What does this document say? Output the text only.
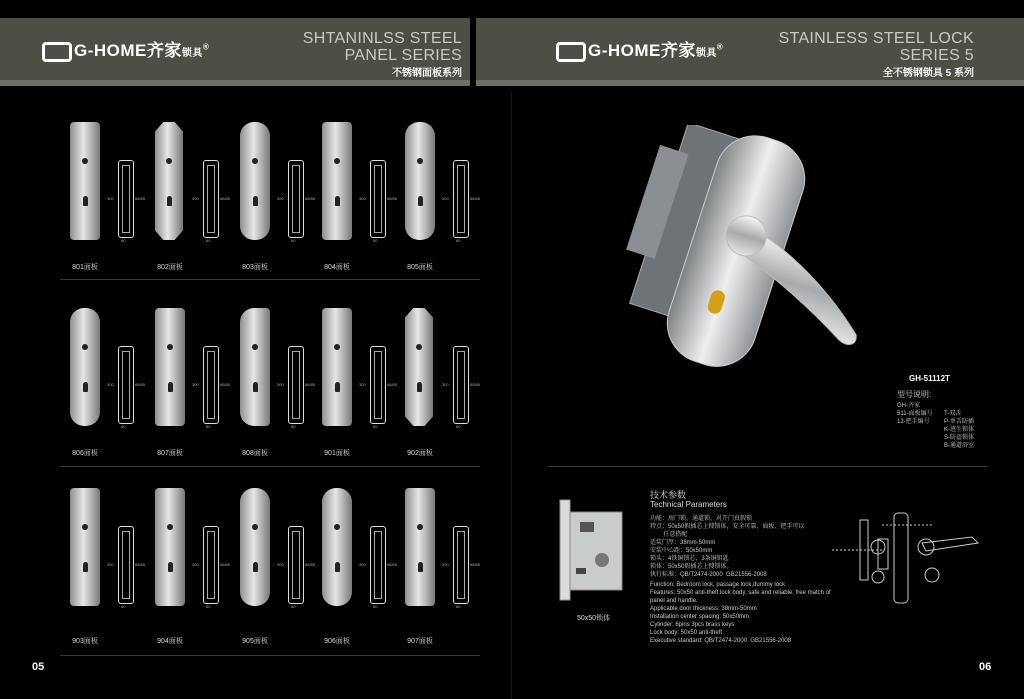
G-HOME齐家锁具®	SHTANINLSS STEEL
PANEL SERIES
不锈钢面板系列
G-HOME齐家锁具®	STAINLESS STEEL LOCK
SERIES 5
全不锈钢锁具 5 系列
300	68/85
60
801面板
300	68/85
60
802面板
300	68/85
60
803面板
300	68/85
60
804面板
300	68/85
60
805面板
300	68/85
60
806面板
300	68/85
60
807面板
300	68/85
60
808面板
300	68/85
60
901面板
300	68/85
60
902面板
300	68/85
60
903面板
300	68/85
60
904面板
300	68/85
60
905面板
300	68/85
60
906面板
300	68/85
60
907面板
05	06
GH-51112T
型号说明:
GH-齐家
511-面板编号
12-把手编号
T-双舌
P-单舌防插
K-逃生锁体
S-防盗锁体
B-通道浴室
50x50锁体
技术参数
Technical Parameters
功能：房门锁、通道锁、对开门真假锁
特点：50x50假插芯上搜锁体，安全可靠，面板、把手可以
任意搭配
适装门厚：38mm-50mm
安装中心距：50x50mm
锁头：4铁铜锁芯，3条铜钥匙
锁体：50x50假插芯上搜锁体。
执行标准：QB/T2474-2000  GB21556-2008
Function: Bedroom lock, passage lock,dummy lock
Features: 50x50 anti-theft lock body, safe and reliable; free match of
panel and handle.
Applicable door thickness: 38mm-50mm
Installation center spacing: 50x50mm
Cylinder: 6pins 3pcs brass keys
Lock body: 50x50 anti-theft
Executive standard: QB/T2474-2000  GB21556-2008
